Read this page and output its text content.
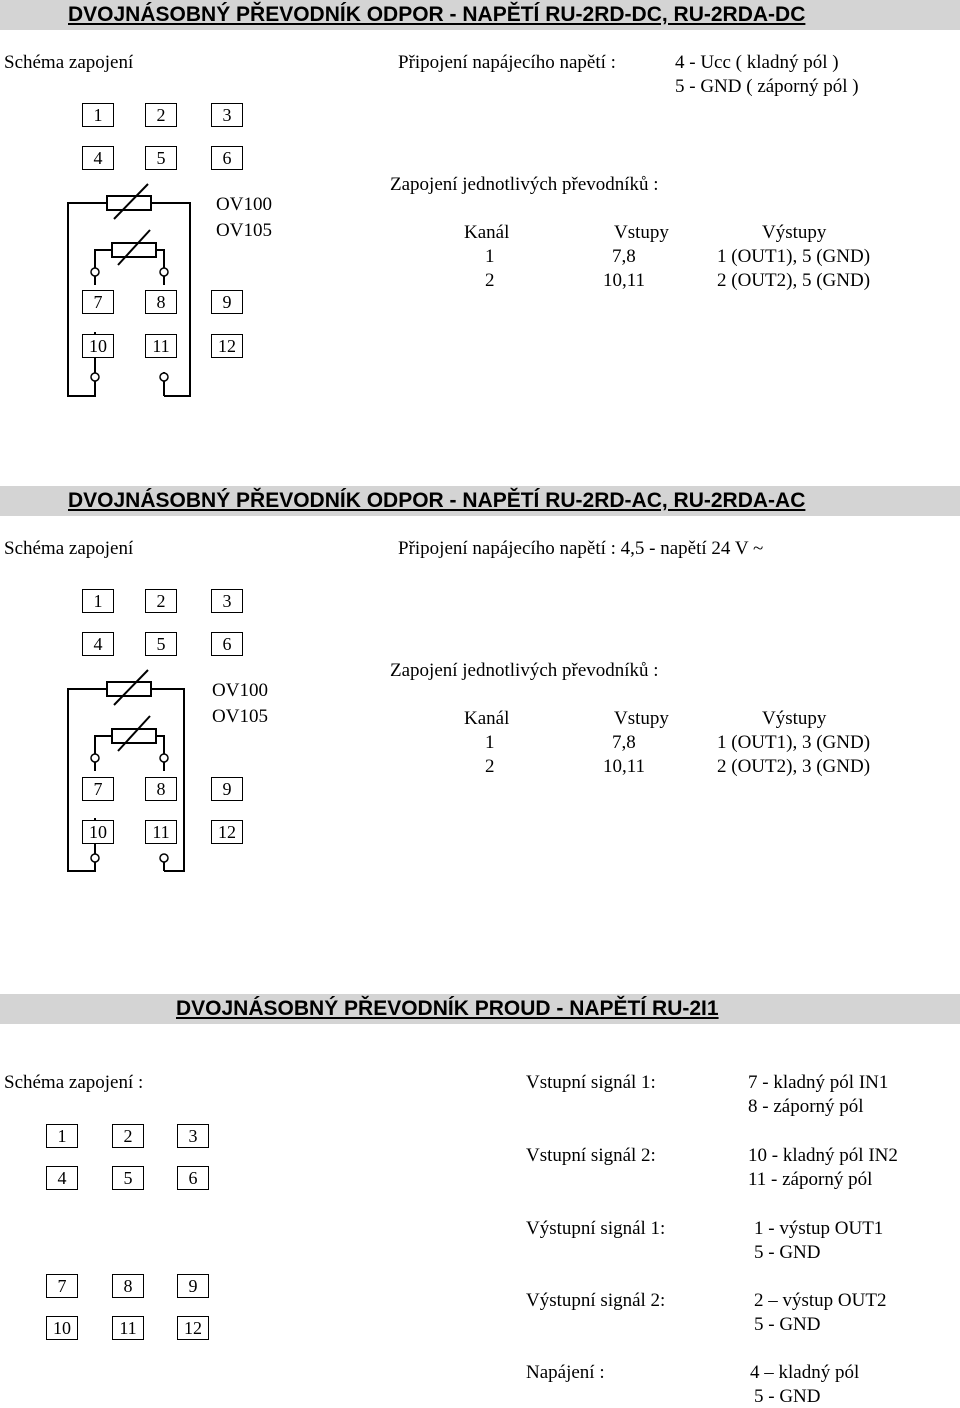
DVOJNÁSOBNÝ PŘEVODNÍK ODPOR - NAPĚTÍ RU-2RD-DC, RU-2RDA-DC
Schéma zapojení	Připojení napájecího napětí :	4 - Ucc ( kladný pól )
5 - GND ( záporný pól )
1	2	3
4	5	6
7	8	9
10	11	12
OV100
OV105
Zapojení jednotlivých převodníků :
Kanál	Vstupy	Výstupy
1	7,8	1 (OUT1), 5 (GND)
2	10,11	2 (OUT2), 5 (GND)
DVOJNÁSOBNÝ PŘEVODNÍK ODPOR - NAPĚTÍ RU-2RD-AC, RU-2RDA-AC
Schéma zapojení	Připojení napájecího napětí : 4,5 - napětí 24 V ~
1	2	3
4	5	6
7	8	9
10	11	12
OV100
OV105
Zapojení jednotlivých převodníků :
Kanál	Vstupy	Výstupy
1	7,8	1 (OUT1), 3 (GND)
2	10,11	2 (OUT2), 3 (GND)
DVOJNÁSOBNÝ PŘEVODNÍK PROUD - NAPĚTÍ RU-2I1
Schéma zapojení :
1	2	3
4	5	6
7	8	9
10	11	12
Vstupní signál 1:	7 - kladný pól IN1
8 - záporný pól
Vstupní signál 2:	10 - kladný pól IN2
11 - záporný pól
Výstupní signál 1:	1 - výstup OUT1
5 - GND
Výstupní signál 2:	2 – výstup OUT2
5 - GND
Napájení :	4 – kladný pól
5 - GND
